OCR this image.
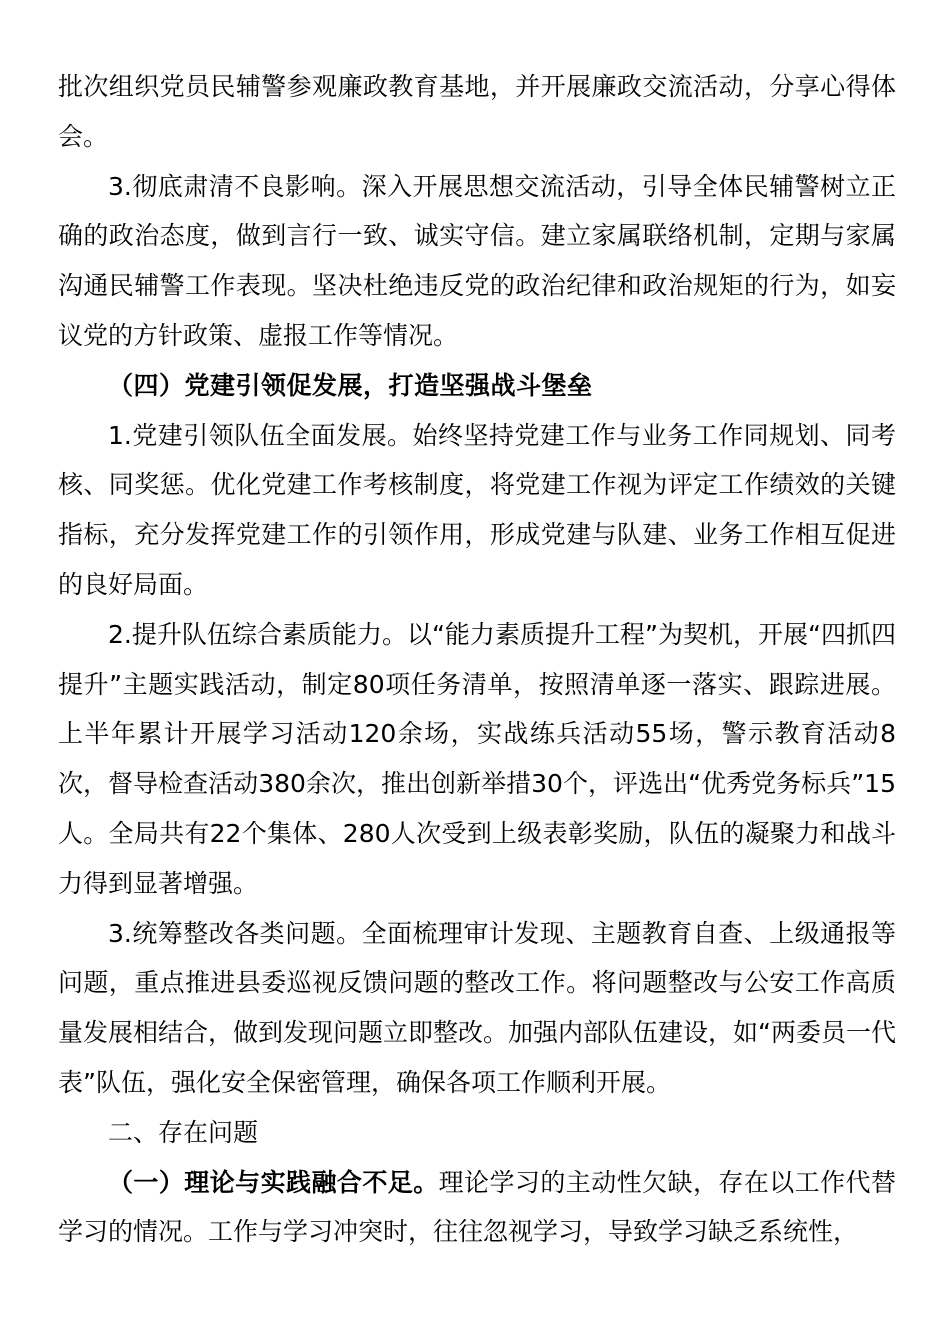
批次组织党员民辅警参观廉政教育基地，并开展廉政交流活动，分享心得体会。

3.彻底肃清不良影响。深入开展思想交流活动，引导全体民辅警树立正确的政治态度，做到言行一致、诚实守信。建立家属联络机制，定期与家属沟通民辅警工作表现。坚决杜绝违反党的政治纪律和政治规矩的行为，如妄议党的方针政策、虚报工作等情况。

（四）党建引领促发展，打造坚强战斗堡垒

1.党建引领队伍全面发展。始终坚持党建工作与业务工作同规划、同考核、同奖惩。优化党建工作考核制度，将党建工作视为评定工作绩效的关键指标，充分发挥党建工作的引领作用，形成党建与队建、业务工作相互促进的良好局面。

2.提升队伍综合素质能力。以“能力素质提升工程”为契机，开展“四抓四提升”主题实践活动，制定80项任务清单，按照清单逐一落实、跟踪进展。上半年累计开展学习活动120余场，实战练兵活动55场，警示教育活动8次，督导检查活动380余次，推出创新举措30个，评选出“优秀党务标兵”15人。全局共有22个集体、280人次受到上级表彰奖励，队伍的凝聚力和战斗力得到显著增强。

3.统筹整改各类问题。全面梳理审计发现、主题教育自查、上级通报等问题，重点推进县委巡视反馈问题的整改工作。将问题整改与公安工作高质量发展相结合，做到发现问题立即整改。加强内部队伍建设，如“两委员一代表”队伍，强化安全保密管理，确保各项工作顺利开展。

二、存在问题

（一）理论与实践融合不足。理论学习的主动性欠缺，存在以工作代替学习的情况。工作与学习冲突时，往往忽视学习，导致学习缺乏系统性，
